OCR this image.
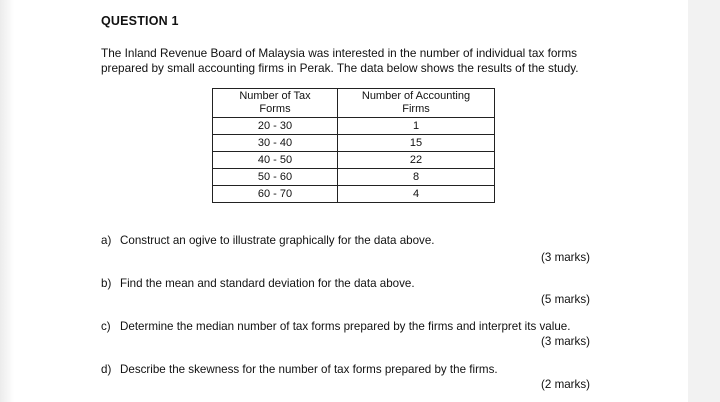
QUESTION 1
The Inland Revenue Board of Malaysia was interested in the number of individual tax forms
prepared by small accounting firms in Perak. The data below shows the results of the study.
Number of Tax Forms	Number of Accounting Firms
20 - 30	1
30 - 40	15
40 - 50	22
50 - 60	8
60 - 70	4
a) Construct an ogive to illustrate graphically for the data above.
(3 marks)
b) Find the mean and standard deviation for the data above.
(5 marks)
c) Determine the median number of tax forms prepared by the firms and interpret its value.
(3 marks)
d) Describe the skewness for the number of tax forms prepared by the firms.
(2 marks)
